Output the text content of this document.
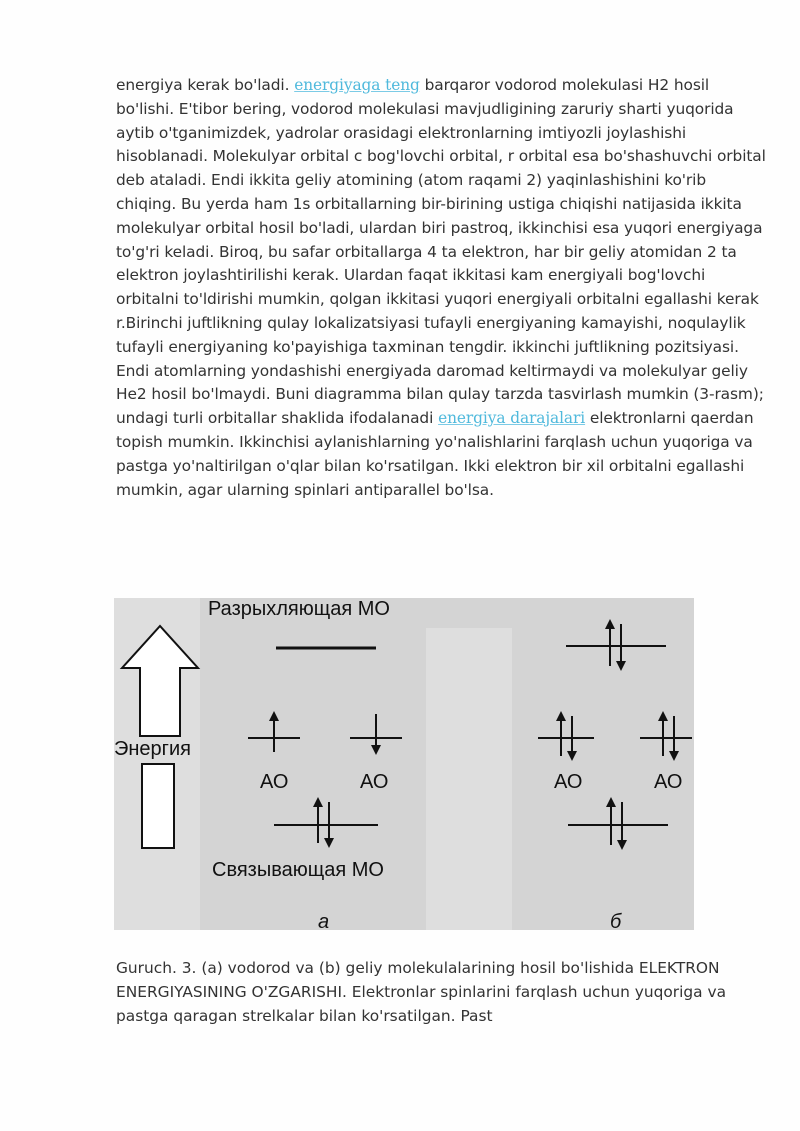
energiya kerak bo'ladi. energiyaga teng barqaror vodorod molekulasi H2 hosil bo'lishi. E'tibor bering, vodorod molekulasi mavjudligining zaruriy sharti yuqorida aytib o'tganimizdek, yadrolar orasidagi elektronlarning imtiyozli joylashishi hisoblanadi. Molekulyar orbital c bog'lovchi orbital, r orbital esa bo'shashuvchi orbital deb ataladi. Endi ikkita geliy atomining (atom raqami 2) yaqinlashishini ko'rib chiqing. Bu yerda ham 1s orbitallarning bir-birining ustiga chiqishi natijasida ikkita molekulyar orbital hosil bo'ladi, ulardan biri pastroq, ikkinchisi esa yuqori energiyaga to'g'ri keladi. Biroq, bu safar orbitallarga 4 ta elektron, har bir geliy atomidan 2 ta elektron joylashtirilishi kerak. Ulardan faqat ikkitasi kam energiyali bog'lovchi orbitalni to'ldirishi mumkin, qolgan ikkitasi yuqori energiyali orbitalni egallashi kerak r.Birinchi juftlikning qulay lokalizatsiyasi tufayli energiyaning kamayishi, noqulaylik tufayli energiyaning ko'payishiga taxminan tengdir. ikkinchi juftlikning pozitsiyasi. Endi atomlarning yondashishi energiyada daromad keltirmaydi va molekulyar geliy He2 hosil bo'lmaydi. Buni diagramma bilan qulay tarzda tasvirlash mumkin (3-rasm); undagi turli orbitallar shaklida ifodalanadi energiya darajalari elektronlarni qaerdan topish mumkin. Ikkinchisi aylanishlarning yo'nalishlarini farqlash uchun yuqoriga va pastga yo'naltirilgan o'qlar bilan ko'rsatilgan. Ikki elektron bir xil orbitalni egallashi mumkin, agar ularning spinlari antiparallel bo'lsa.

Энергия
Разрыхляющая МО
АО	АО
Связывающая МО
а
АО	АО
б

Guruch. 3. (a) vodorod va (b) geliy molekulalarining hosil bo'lishida ELEKTRON ENERGIYASINING O'ZGARISHI. Elektronlar spinlarini farqlash uchun yuqoriga va pastga qaragan strelkalar bilan ko'rsatilgan. Past
